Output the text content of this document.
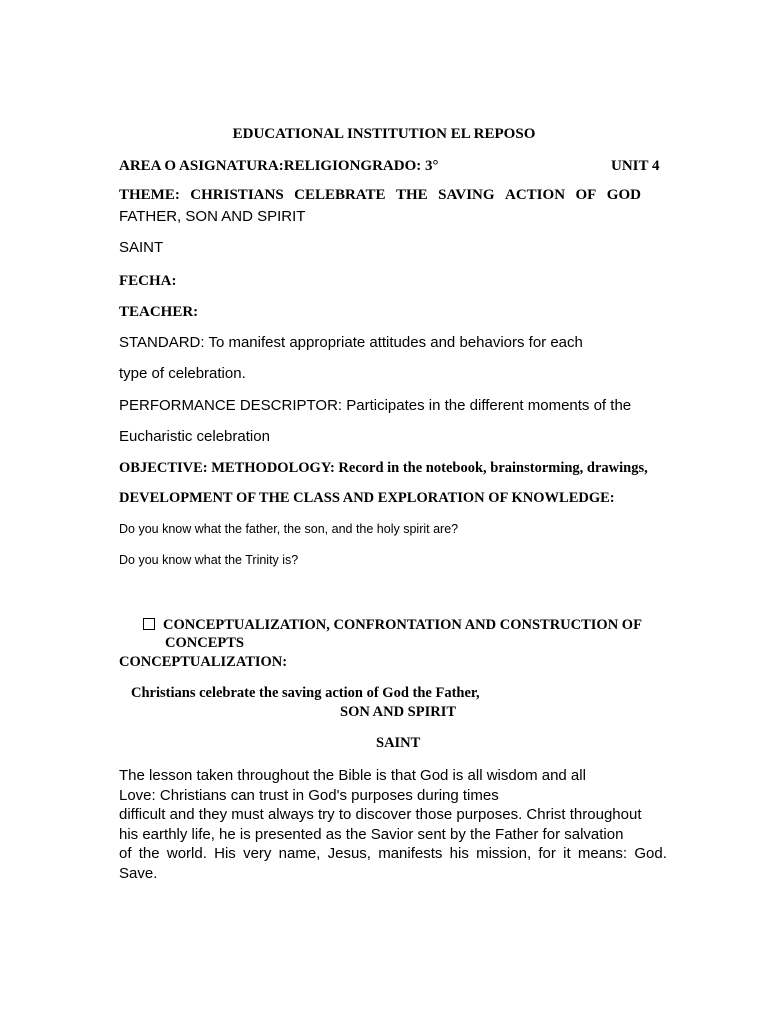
EDUCATIONAL INSTITUTION EL REPOSO
AREA O ASIGNATURA:RELIGIONGRADO: 3°	UNIT 4
THEME: CHRISTIANS CELEBRATE THE SAVING ACTION OF GOD
FATHER, SON AND SPIRIT
SAINT
FECHA:
TEACHER:
STANDARD: To manifest appropriate attitudes and behaviors for each
type of celebration.
PERFORMANCE DESCRIPTOR: Participates in the different moments of the
Eucharistic celebration
OBJECTIVE: METHODOLOGY: Record in the notebook, brainstorming, drawings,
DEVELOPMENT OF THE CLASS AND EXPLORATION OF KNOWLEDGE:
Do you know what the father, the son, and the holy spirit are?
Do you know what the Trinity is?
CONCEPTUALIZATION, CONFRONTATION AND CONSTRUCTION OF
CONCEPTS
CONCEPTUALIZATION:
Christians celebrate the saving action of God the Father,
SON AND SPIRIT
SAINT
The lesson taken throughout the Bible is that God is all wisdom and all
Love: Christians can trust in God's purposes during times
difficult and they must always try to discover those purposes. Christ throughout
his earthly life, he is presented as the Savior sent by the Father for salvation
of the world. His very name, Jesus, manifests his mission, for it means: God.
Save.
